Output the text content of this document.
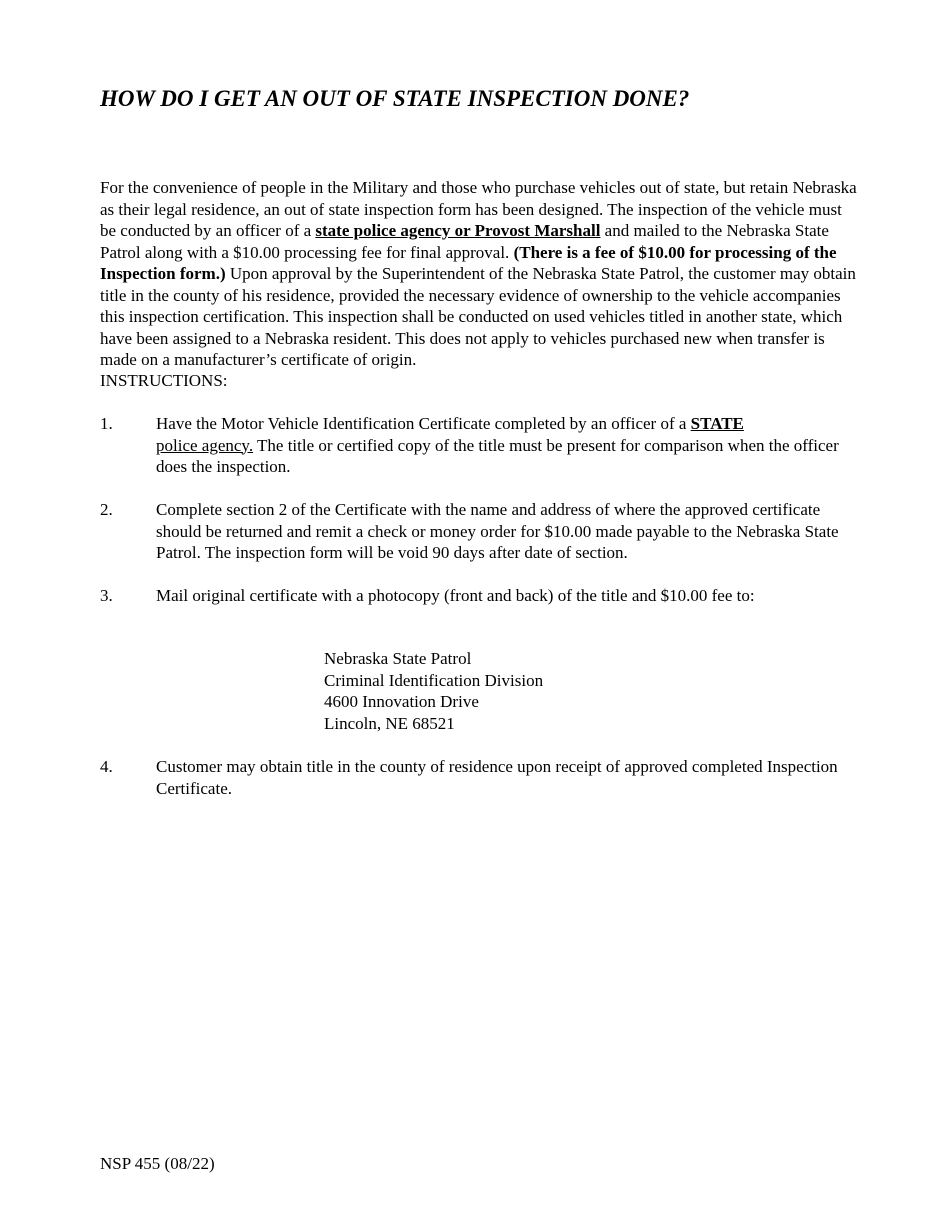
HOW DO I GET AN OUT OF STATE INSPECTION DONE?

For the convenience of people in the Military and those who purchase vehicles out of state, but retain Nebraska as their legal residence, an out of state inspection form has been designed. The inspection of the vehicle must be conducted by an officer of a state police agency or Provost Marshall and mailed to the Nebraska State Patrol along with a $10.00 processing fee for final approval. (There is a fee of $10.00 for processing of the Inspection form.) Upon approval by the Superintendent of the Nebraska State Patrol, the customer may obtain title in the county of his residence, provided the necessary evidence of ownership to the vehicle accompanies this inspection certification. This inspection shall be conducted on used vehicles titled in another state, which have been assigned to a Nebraska resident. This does not apply to vehicles purchased new when transfer is made on a manufacturer’s certificate of origin.

INSTRUCTIONS:

1.	Have the Motor Vehicle Identification Certificate completed by an officer of a STATE
police agency. The title or certified copy of the title must be present for comparison when the officer does the inspection.
2.	Complete section 2 of the Certificate with the name and address of where the approved certificate should be returned and remit a check or money order for $10.00 made payable to the Nebraska State Patrol. The inspection form will be void 90 days after date of section.
3.	Mail original certificate with a photocopy (front and back) of the title and $10.00 fee to:
Nebraska State Patrol
Criminal Identification Division
4600 Innovation Drive
Lincoln, NE 68521
4.	Customer may obtain title in the county of residence upon receipt of approved completed Inspection Certificate.
NSP 455 (08/22)
